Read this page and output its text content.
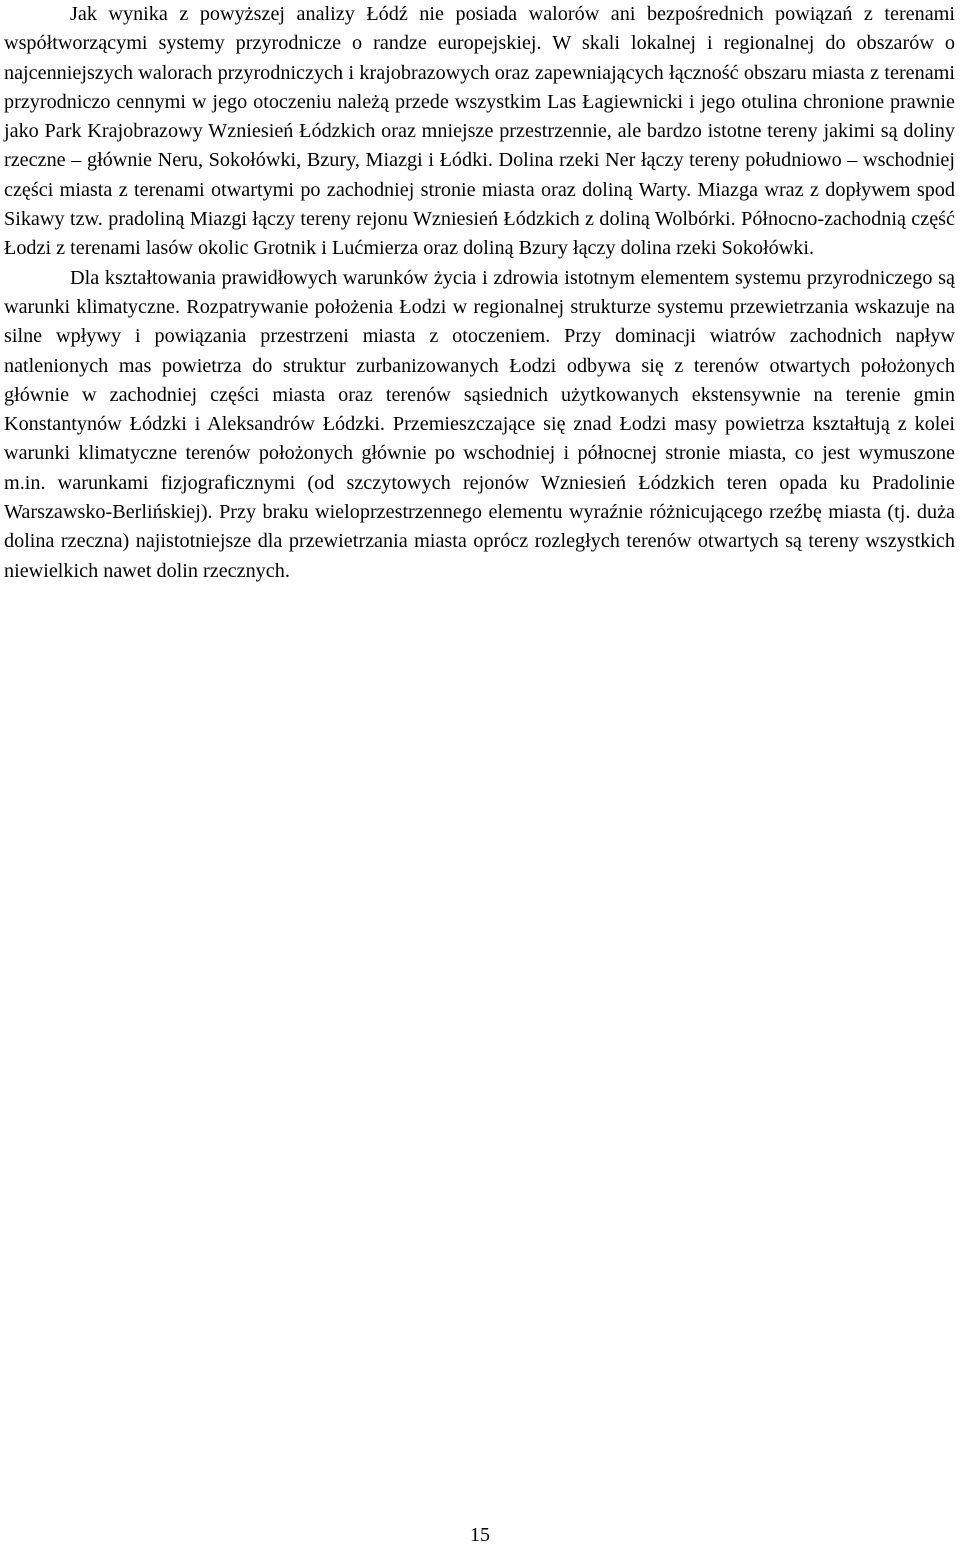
Jak wynika z powyższej analizy Łódź nie posiada walorów ani bezpośrednich powiązań z terenami współtworzącymi systemy przyrodnicze o randze europejskiej. W skali lokalnej i regionalnej do obszarów o najcenniejszych walorach przyrodniczych i krajobrazowych oraz zapewniających łączność obszaru miasta z terenami przyrodniczo cennymi w jego otoczeniu należą przede wszystkim Las Łagiewnicki i jego otulina chronione prawnie jako Park Krajobrazowy Wzniesień Łódzkich oraz mniejsze przestrzennie, ale bardzo istotne tereny jakimi są doliny rzeczne – głównie Neru, Sokołówki, Bzury, Miazgi i Łódki. Dolina rzeki Ner łączy tereny południowo – wschodniej części miasta z terenami otwartymi po zachodniej stronie miasta oraz doliną Warty. Miazga wraz z dopływem spod Sikawy tzw. pradoliną Miazgi łączy tereny rejonu Wzniesień Łódzkich z doliną Wolbórki. Północno-zachodnią część Łodzi z terenami lasów okolic Grotnik i Lućmierza oraz doliną Bzury łączy dolina rzeki Sokołówki.

Dla kształtowania prawidłowych warunków życia i zdrowia istotnym elementem systemu przyrodniczego są warunki klimatyczne. Rozpatrywanie położenia Łodzi w regionalnej strukturze systemu przewietrzania wskazuje na silne wpływy i powiązania przestrzeni miasta z otoczeniem. Przy dominacji wiatrów zachodnich napływ natlenionych mas powietrza do struktur zurbanizowanych Łodzi odbywa się z terenów otwartych położonych głównie w zachodniej części miasta oraz terenów sąsiednich użytkowanych ekstensywnie na terenie gmin Konstantynów Łódzki i Aleksandrów Łódzki. Przemieszczające się znad Łodzi masy powietrza kształtują z kolei warunki klimatyczne terenów położonych głównie po wschodniej i północnej stronie miasta, co jest wymuszone m.in. warunkami fizjograficznymi (od szczytowych rejonów Wzniesień Łódzkich teren opada ku Pradolinie Warszawsko-Berlińskiej). Przy braku wieloprzestrzennego elementu wyraźnie różnicującego rzeźbę miasta (tj. duża dolina rzeczna) najistotniejsze dla przewietrzania miasta oprócz rozległych terenów otwartych są tereny wszystkich niewielkich nawet dolin rzecznych.

15
